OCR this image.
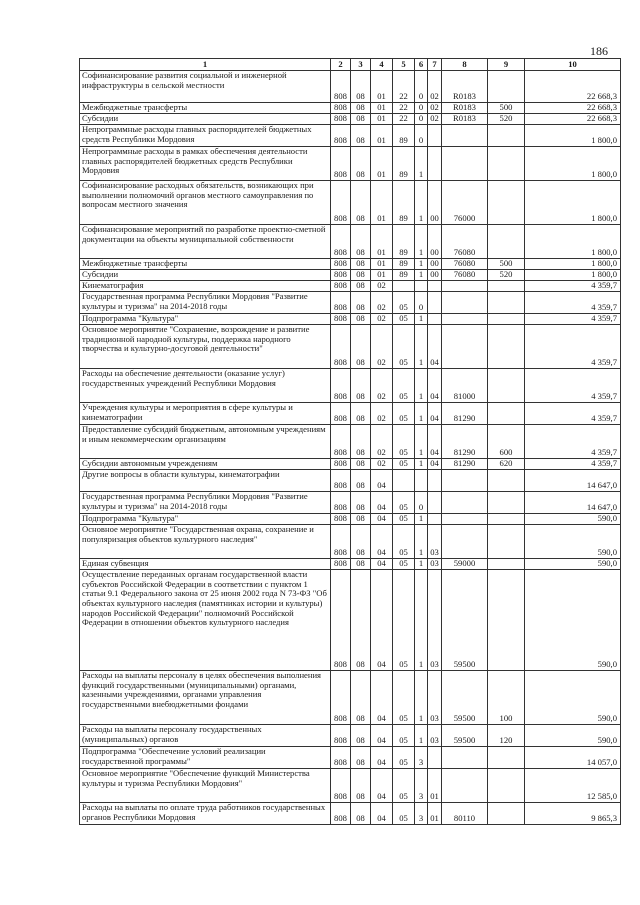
186
1	2	3	4	5	6	7	8	9	10
Софинансирование развития социальной и инженерной инфраструктуры в сельской местности	808	08	01	22	0	02	R0183		22 668,3
Межбюджетные трансферты	808	08	01	22	0	02	R0183	500	22 668,3
Субсидии	808	08	01	22	0	02	R0183	520	22 668,3
Непрограммные расходы главных распорядителей бюджетных средств Республики Мордовия	808	08	01	89	0				1 800,0
Непрограммные расходы в рамках обеспечения деятельности главных распорядителей бюджетных средств Республики Мордовия	808	08	01	89	1				1 800,0
Софинансирование расходных обязательств, возникающих при выполнении полномочий органов местного самоуправления по вопросам местного значения	808	08	01	89	1	00	76000		1 800,0
Софинансирование мероприятий по разработке проектно-сметной документации на объекты муниципальной собственности	808	08	01	89	1	00	76080		1 800,0
Межбюджетные трансферты	808	08	01	89	1	00	76080	500	1 800,0
Субсидии	808	08	01	89	1	00	76080	520	1 800,0
Кинематография	808	08	02						4 359,7
Государственная программа Республики Мордовия "Развитие культуры и туризма" на 2014-2018 годы	808	08	02	05	0				4 359,7
Подпрограмма "Культура"	808	08	02	05	1				4 359,7
Основное мероприятие "Сохранение, возрождение и развитие традиционной народной культуры, поддержка народного творчества и культурно-досуговой деятельности"	808	08	02	05	1	04			4 359,7
Расходы на обеспечение деятельности (оказание услуг) государственных учреждений Республики Мордовия	808	08	02	05	1	04	81000		4 359,7
Учреждения культуры и мероприятия в сфере культуры и кинематографии	808	08	02	05	1	04	81290		4 359,7
Предоставление субсидий бюджетным, автономным учреждениям и иным некоммерческим организациям	808	08	02	05	1	04	81290	600	4 359,7
Субсидии автономным учреждениям	808	08	02	05	1	04	81290	620	4 359,7
Другие вопросы в области культуры, кинематографии	808	08	04						14 647,0
Государственная программа Республики Мордовия "Развитие культуры и туризма" на 2014-2018 годы	808	08	04	05	0				14 647,0
Подпрограмма "Культура"	808	08	04	05	1				590,0
Основное мероприятие "Государственная охрана, сохранение и популяризация объектов культурного наследия"	808	08	04	05	1	03			590,0
Единая субвенция	808	08	04	05	1	03	59000		590,0
Осуществление переданных органам государственной власти субъектов Российской Федерации в соответствии с пунктом 1 статьи 9.1 Федерального закона от 25 июня 2002 года N 73-ФЗ "Об объектах культурного наследия (памятниках истории и культуры) народов Российской Федерации" полномочий Российской Федерации в отношении объектов культурного наследия	808	08	04	05	1	03	59500		590,0
Расходы на выплаты персоналу в целях обеспечения выполнения функций государственными (муниципальными) органами, казенными учреждениями, органами управления государственными внебюджетными фондами	808	08	04	05	1	03	59500	100	590,0
Расходы на выплаты персоналу государственных (муниципальных) органов	808	08	04	05	1	03	59500	120	590,0
Подпрограмма "Обеспечение условий реализации государственной программы"	808	08	04	05	3				14 057,0
Основное мероприятие "Обеспечение функций Министерства культуры и туризма Республики Мордовия"	808	08	04	05	3	01			12 585,0
Расходы на выплаты по оплате труда работников государственных органов Республики Мордовия	808	08	04	05	3	01	80110		9 865,3
